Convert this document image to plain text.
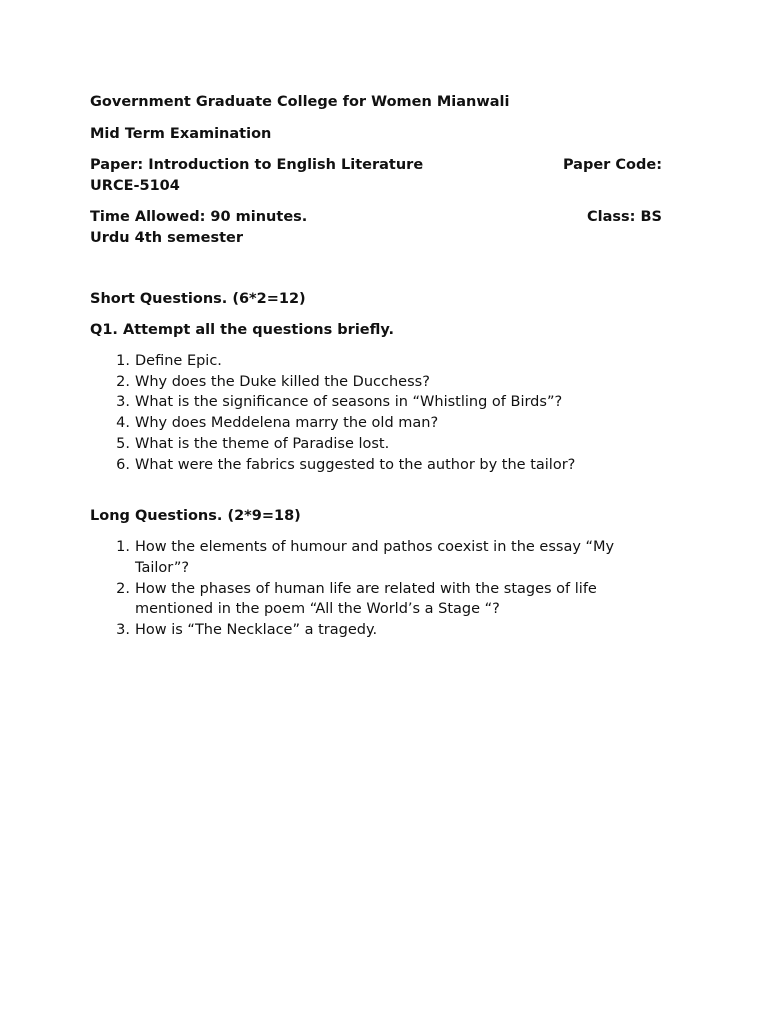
Government Graduate College for Women Mianwali

Mid Term Examination

Paper: Introduction to English Literature	Paper Code:

URCE-5104

Time Allowed: 90 minutes.	Class: BS

Urdu 4th semester

Short Questions. (6*2=12)

Q1. Attempt all the questions briefly.

1. Define Epic.
2. Why does the Duke killed the Ducchess?
3. What is the significance of seasons in “Whistling of Birds”?
4. Why does Meddelena marry the old man?
5. What is the theme of Paradise lost.
6. What were the fabrics suggested to the author by the tailor?

Long Questions. (2*9=18)

1. How the elements of humour and pathos coexist in the essay “My Tailor”?
2. How the phases of human life are related with the stages of life mentioned in the poem “All the World’s a Stage “?
3. How is “The Necklace” a tragedy.
